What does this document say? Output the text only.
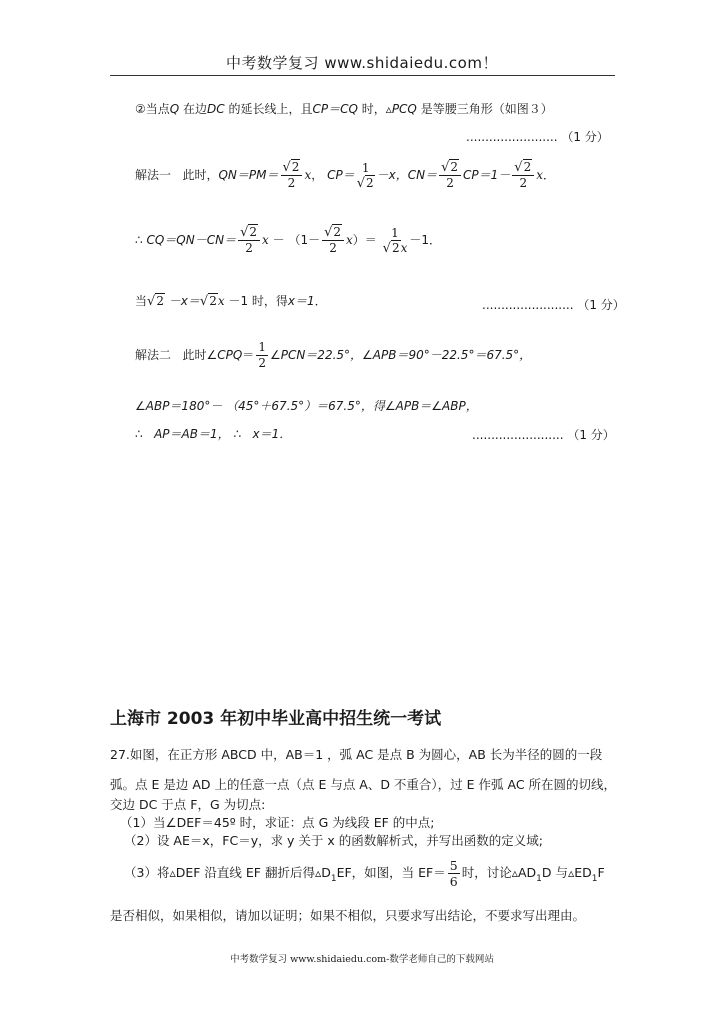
中考数学复习 www.shidaiedu.com！
②当点Q 在边DC 的延长线上，且CP＝CQ 时，▵PCQ 是等腰三角形（如图３）
........................ （1 分）
解法一 此时，$QN=PM= \frac{√2}{2}$ x， CP＝
1
√2
－x，$CN= \frac{√2}{2} CP=1- \frac{√2}{2}$ x．
∴ $CQ=QN-CN= \frac{√2}{2}$ $x - (1- \frac{√2}{2} x)=$
1
√2x
－1．
当√2 －x＝√2x －1 时，得x＝1．	........................ （1 分）
解法二 此时∠CPQ＝ $\frac{1}{2}$ ∠PCN＝22.5°，∠APB＝90°－22.5°＝67.5°，
∠ABP＝180°－ （45°＋67.5°）＝67.5°，得∠APB＝∠ABP，
∴ AP＝AB＝1， ∴ x＝1．	........................ （1 分）
上海市 2003 年初中毕业高中招生统一考试
27.如图，在正方形 ABCD 中，AB＝1 ，弧 AC 是点 B 为圆心，AB 长为半径的圆的一段
弧。点 E 是边 AD 上的任意一点（点 E 与点 A、D 不重合），过 E 作弧 AC 所在圆的切线，
交边 DC 于点 F，G 为切点:
（1）当∠DEF＝45º 时，求证：点 G 为线段 EF 的中点;
（2）设 AE＝x，FC＝y，求 y 关于 x 的函数解析式，并写出函数的定义域;
（3）将▵DEF 沿直线 EF 翻折后得$▵D_1EF$，如图，当 $EF= \frac{5}{6}$ 时，讨论$▵AD_1D$ 与$▵ED_1F$
是否相似，如果相似，请加以证明；如果不相似，只要求写出结论，不要求写出理由。
中考数学复习 www.shidaiedu.com-数学老师自己的下载网站
